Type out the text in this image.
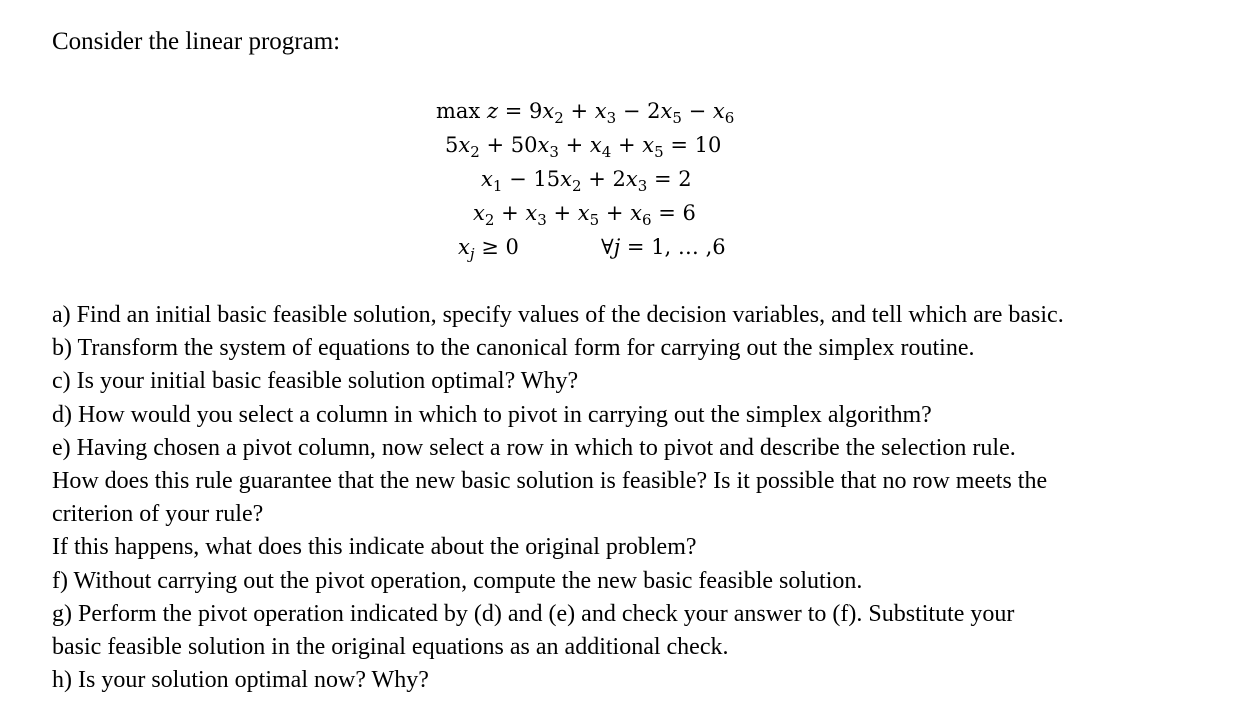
Consider the linear program:
$\max z = 9x_2 + x_3 - 2x_5 - x_6$
$5x_2 + 50x_3 + x_4 + x_5 = 10$
$x_1 - 15x_2 + 2x_3 = 2$
$x_2 + x_3 + x_5 + x_6 = 6$
$x_j \ge 0$	∀j = 1, … ,6
a) Find an initial basic feasible solution, specify values of the decision variables, and tell which are basic.
b) Transform the system of equations to the canonical form for carrying out the simplex routine.
c) Is your initial basic feasible solution optimal? Why?
d) How would you select a column in which to pivot in carrying out the simplex algorithm?
e) Having chosen a pivot column, now select a row in which to pivot and describe the selection rule.
How does this rule guarantee that the new basic solution is feasible? Is it possible that no row meets the
criterion of your rule?
If this happens, what does this indicate about the original problem?
f) Without carrying out the pivot operation, compute the new basic feasible solution.
g) Perform the pivot operation indicated by (d) and (e) and check your answer to (f). Substitute your
basic feasible solution in the original equations as an additional check.
h) Is your solution optimal now? Why?
